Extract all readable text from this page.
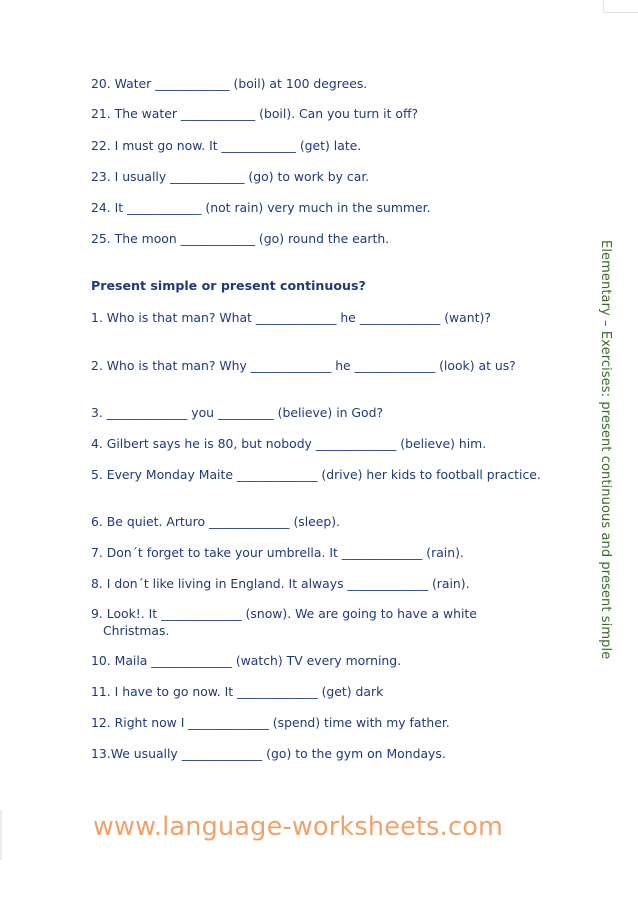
20. Water ____________ (boil) at 100 degrees.
21. The water ____________ (boil). Can you turn it off?
22. I must go now. It ____________ (get) late.
23. I usually ____________ (go) to work by car.
24. It ____________ (not rain) very much in the summer.
25. The moon ____________ (go) round the earth.
Present simple or present continuous?
1. Who is that man? What _____________ he _____________ (want)?
2. Who is that man? Why _____________ he _____________ (look) at us?
3. _____________ you _________ (believe) in God?
4. Gilbert says he is 80, but nobody _____________ (believe) him.
5. Every Monday Maite _____________ (drive) her kids to football practice.
6. Be quiet. Arturo _____________ (sleep).
7. Don´t forget to take your umbrella. It _____________ (rain).
8. I don´t like living in England. It always _____________ (rain).
9. Look!. It _____________ (snow). We are going to have a white Christmas.
10. Maila _____________ (watch) TV every morning.
11. I have to go now. It _____________ (get) dark
12. Right now I _____________ (spend) time with my father.
13.We usually _____________ (go) to the gym on Mondays.
Elementary – Exercises: present continuous and present simple
www.language-worksheets.com
